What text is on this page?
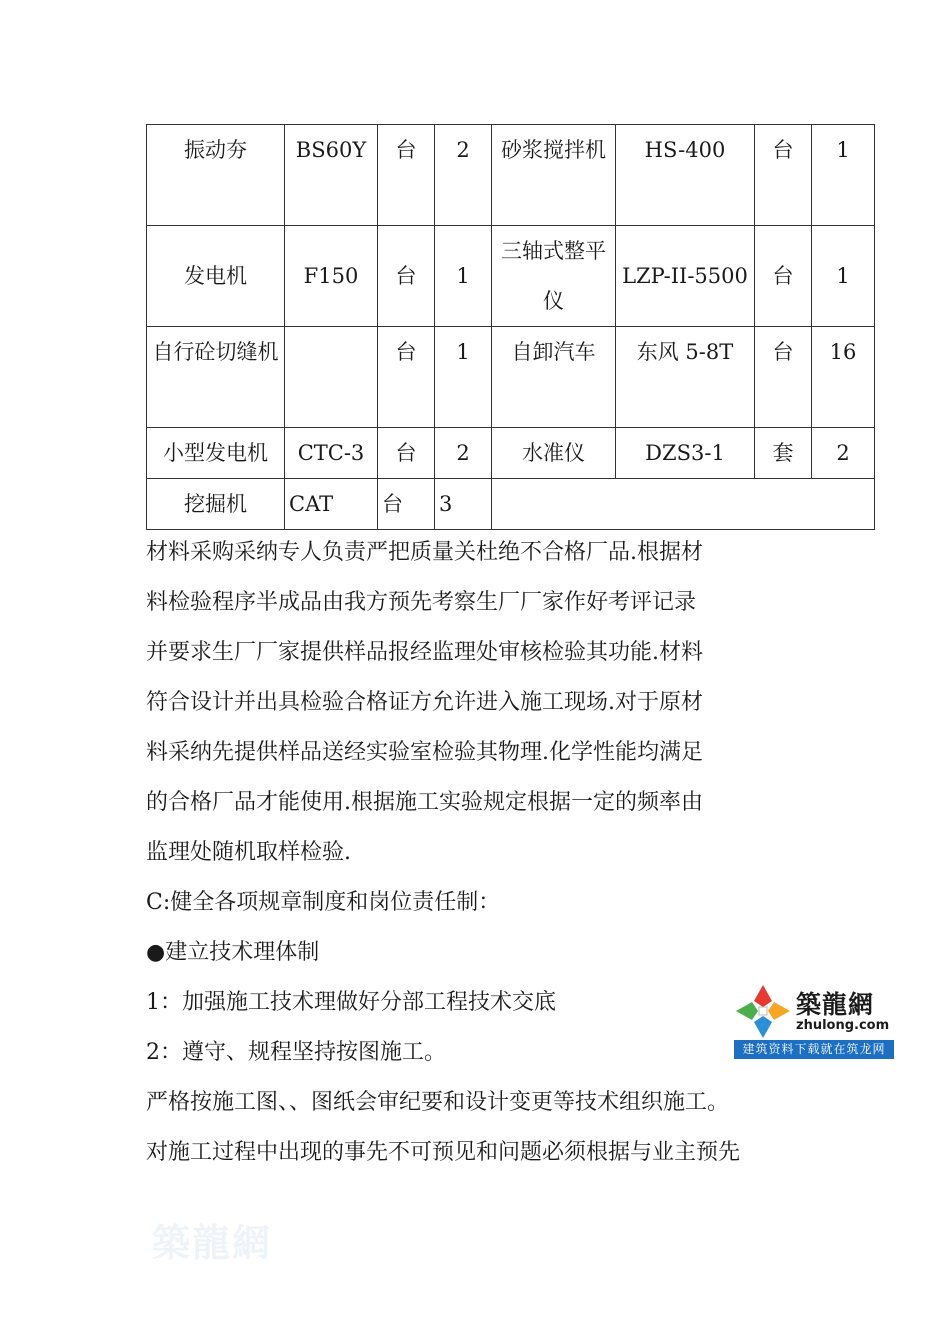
振动夯	BS60Y	台	2	砂浆搅拌机	HS-400	台	1
发电机	F150	台	1	三轴式整平仪	LZP-II-5500	台	1
自行砼切缝机		台	1	自卸汽车	东风 5-8T	台	16
小型发电机	CTC-3	台	2	水准仪	DZS3-1	套	2
挖掘机	CAT	台	3				

材料采购采纳专人负责严把质量关杜绝不合格厂品.根据材

料检验程序半成品由我方预先考察生厂厂家作好考评记录

并要求生厂厂家提供样品报经监理处审核检验其功能.材料

符合设计并出具检验合格证方允许进入施工现场.对于原材

料采纳先提供样品送经实验室检验其物理.化学性能均满足

的合格厂品才能使用.根据施工实验规定根据一定的频率由

监理处随机取样检验.

C:健全各项规章制度和岗位责任制：

●建立技术理体制

1：加强施工技术理做好分部工程技术交底

2：遵守、规程坚持按图施工。

严格按施工图、、图纸会审纪要和设计变更等技术组织施工。

对施工过程中出现的事先不可预见和问题必须根据与业主预先

築龍網
zhulong.com
建筑资料下载就在筑龙网
築龍網
